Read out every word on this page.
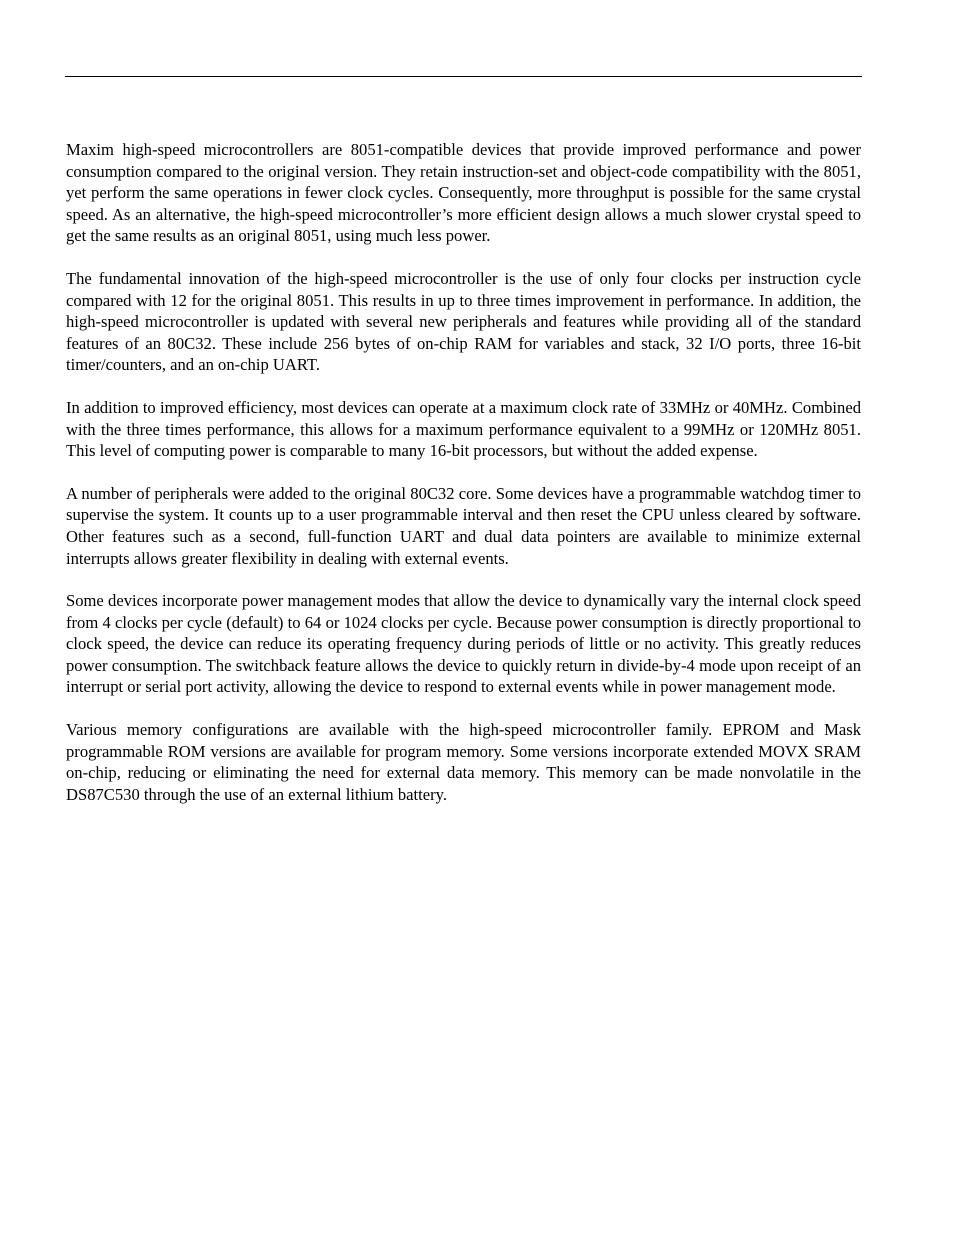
Maxim high-speed microcontrollers are 8051-compatible devices that provide improved performance and power consumption compared to the original version. They retain instruction-set and object-code compatibility with the 8051, yet perform the same operations in fewer clock cycles. Consequently, more throughput is possible for the same crystal speed. As an alternative, the high-speed microcontroller’s more efficient design allows a much slower crystal speed to get the same results as an original 8051, using much less power.

The fundamental innovation of the high-speed microcontroller is the use of only four clocks per instruction cycle compared with 12 for the original 8051. This results in up to three times improvement in performance. In addition, the high-speed microcontroller is updated with several new peripherals and features while providing all of the standard features of an 80C32. These include 256 bytes of on-chip RAM for variables and stack, 32 I/O ports, three 16-bit timer/counters, and an on-chip UART.

In addition to improved efficiency, most devices can operate at a maximum clock rate of 33MHz or 40MHz. Combined with the three times performance, this allows for a maximum performance equivalent to a 99MHz or 120MHz 8051. This level of computing power is comparable to many 16-bit processors, but without the added expense.

A number of peripherals were added to the original 80C32 core. Some devices have a programmable watchdog timer to supervise the system. It counts up to a user programmable interval and then reset the CPU unless cleared by software. Other features such as a second, full-function UART and dual data pointers are available to minimize external interrupts allows greater flexibility in dealing with external events.

Some devices incorporate power management modes that allow the device to dynamically vary the internal clock speed from 4 clocks per cycle (default) to 64 or 1024 clocks per cycle. Because power consumption is directly proportional to clock speed, the device can reduce its operating frequency during periods of little or no activity. This greatly reduces power consumption. The switchback feature allows the device to quickly return in divide-by-4 mode upon receipt of an interrupt or serial port activity, allowing the device to respond to external events while in power management mode.

Various memory configurations are available with the high-speed microcontroller family. EPROM and Mask programmable ROM versions are available for program memory. Some versions incorporate extended MOVX SRAM on-chip, reducing or eliminating the need for external data memory. This memory can be made nonvolatile in the DS87C530 through the use of an external lithium battery.
